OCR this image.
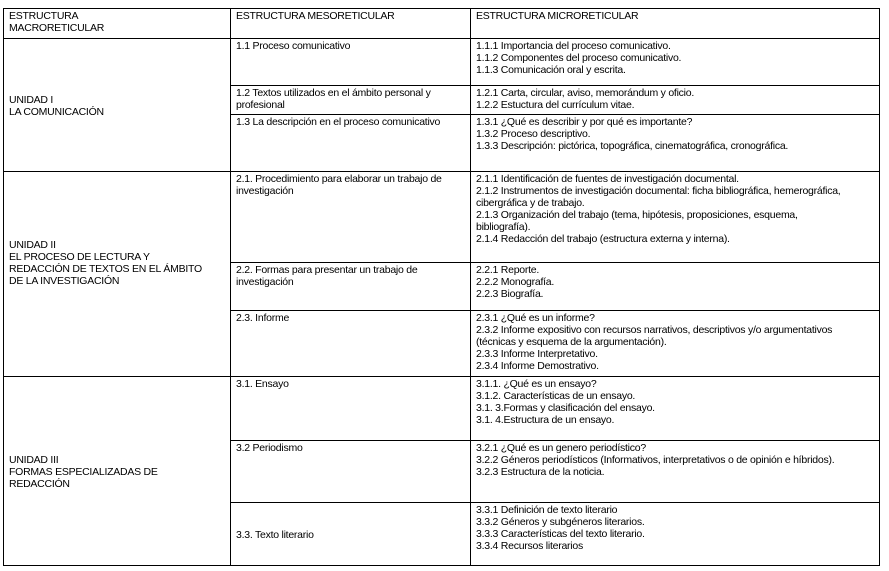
ESTRUCTURA MACRORETICULAR	ESTRUCTURA MESORETICULAR	ESTRUCTURA MICRORETICULAR

UNIDAD I
LA COMUNICACIÓN	1.1 Proceso comunicativo	1.1.1 Importancia del proceso comunicativo.
1.1.2 Componentes del proceso comunicativo.
1.1.3 Comunicación oral y escrita.

	1.2 Textos utilizados en el ámbito personal y profesional	1.2.1 Carta, circular, aviso, memorándum y oficio.
1.2.2 Estuctura del currículum vitae.

	1.3 La descripción en el proceso comunicativo	1.3.1 ¿Qué es describir y por qué es importante?
1.3.2 Proceso descriptivo.
1.3.3 Descripción: pictórica, topográfica, cinematográfica, cronográfica.

UNIDAD II
EL PROCESO DE LECTURA Y REDACCIÓN DE TEXTOS EN EL ÁMBITO DE LA INVESTIGACIÓN	2.1. Procedimiento para elaborar un trabajo de investigación	2.1.1 Identificación de fuentes de investigación documental.
2.1.2 Instrumentos de investigación documental: ficha bibliográfica, hemerográfica, cibergráfica y de trabajo.
2.1.3 Organización del trabajo (tema, hipótesis, proposiciones, esquema, bibliografía).
2.1.4 Redacción del trabajo (estructura externa y interna).

	2.2. Formas para presentar un trabajo de investigación	2.2.1 Reporte.
2.2.2 Monografía.
2.2.3 Biografía.

	2.3. Informe	2.3.1 ¿Qué es un informe?
2.3.2 Informe expositivo con recursos narrativos, descriptivos y/o argumentativos (técnicas y esquema de la argumentación).
2.3.3 Informe Interpretativo.
2.3.4 Informe Demostrativo.

UNIDAD III
FORMAS ESPECIALIZADAS DE REDACCIÓN	3.1. Ensayo	3.1.1. ¿Qué es un ensayo?
3.1.2. Características de un ensayo.
3.1. 3.Formas y clasificación del ensayo.
3.1. 4.Estructura de un ensayo.

	3.2 Periodismo	3.2.1 ¿Qué es un genero periodístico?
3.2.2 Géneros periodísticos (Informativos, interpretativos o de opinión e híbridos).
3.2.3 Estructura de la noticia.

	3.3. Texto literario	3.3.1 Definición de texto literario
3.3.2 Géneros y subgéneros literarios.
3.3.3 Características del texto literario.
3.3.4 Recursos literarios
